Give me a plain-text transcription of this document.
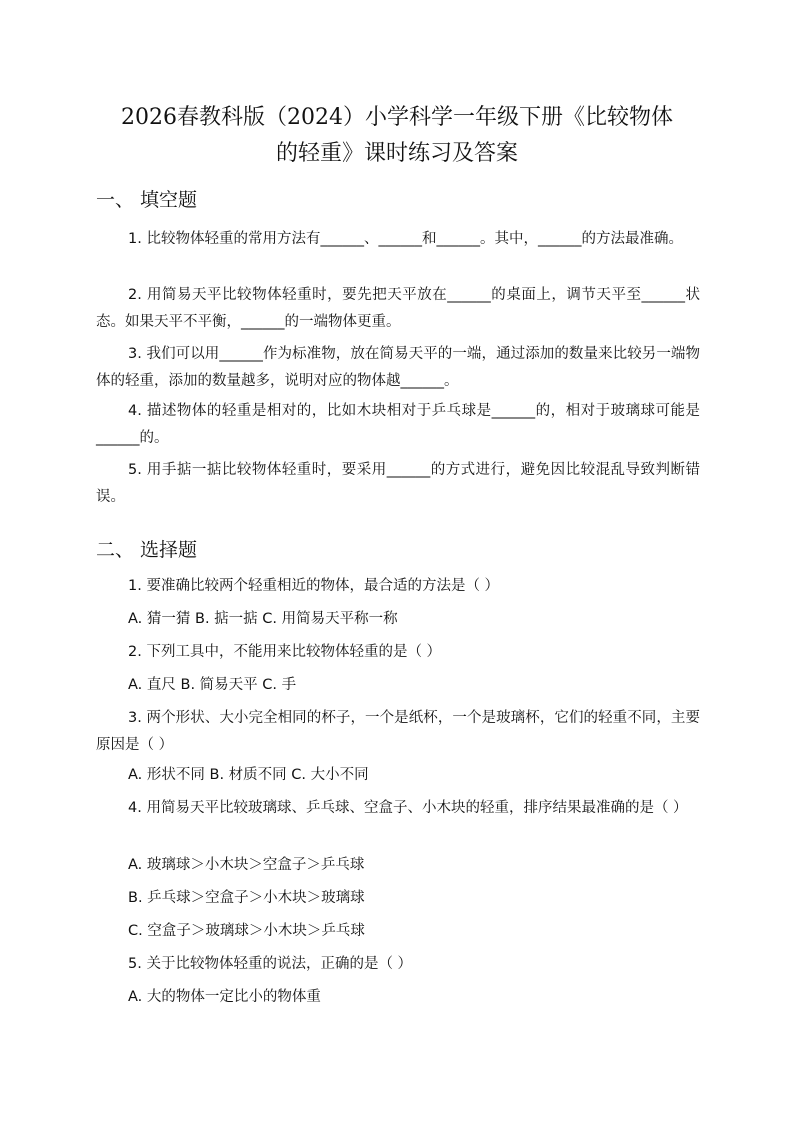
2026春教科版（2024）小学科学一年级下册《比较物体
的轻重》课时练习及答案
一、 填空题

1. 比较物体轻重的常用方法有______、______和______。其中，______的方法最准确。

2. 用简易天平比较物体轻重时，要先把天平放在______的桌面上，调节天平至______状态。如果天平不平衡，______的一端物体更重。

3. 我们可以用______作为标准物，放在简易天平的一端，通过添加的数量来比较另一端物体的轻重，添加的数量越多，说明对应的物体越______。

4. 描述物体的轻重是相对的，比如木块相对于乒乓球是______的，相对于玻璃球可能是______的。

5. 用手掂一掂比较物体轻重时，要采用______的方式进行，避免因比较混乱导致判断错误。

二、 选择题

1. 要准确比较两个轻重相近的物体，最合适的方法是（ ）

A. 猜一猜 B. 掂一掂 C. 用简易天平称一称

2. 下列工具中，不能用来比较物体轻重的是（ ）

A. 直尺 B. 简易天平 C. 手

3. 两个形状、大小完全相同的杯子，一个是纸杯，一个是玻璃杯，它们的轻重不同，主要原因是（ ）

A. 形状不同 B. 材质不同 C. 大小不同

4. 用简易天平比较玻璃球、乒乓球、空盒子、小木块的轻重，排序结果最准确的是（ ）

A. 玻璃球＞小木块＞空盒子＞乒乓球

B. 乒乓球＞空盒子＞小木块＞玻璃球

C. 空盒子＞玻璃球＞小木块＞乒乓球

5. 关于比较物体轻重的说法，正确的是（ ）

A. 大的物体一定比小的物体重
